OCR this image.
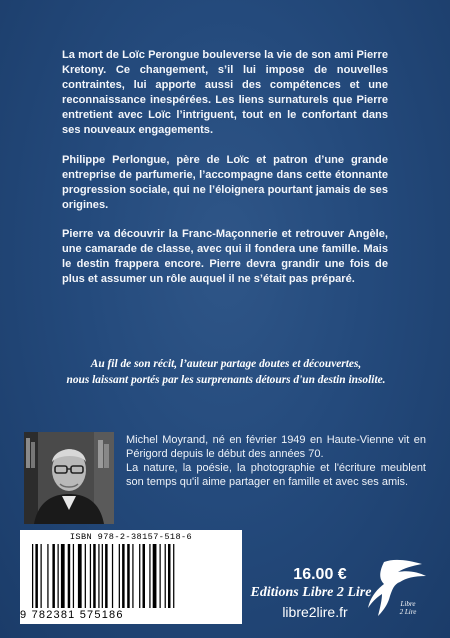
La mort de Loïc Perongue bouleverse la vie de son ami Pierre Kretony. Ce changement, s’il lui impose de nouvelles contraintes, lui apporte aussi des compétences et une reconnaissance inespérées. Les liens surnaturels que Pierre entretient avec Loïc l’intriguent, tout en le confortant dans ses nouveaux engagements.

Philippe Perlongue, père de Loïc et patron d’une grande entreprise de parfumerie, l’accompagne dans cette étonnante progression sociale, qui ne l’éloignera pourtant jamais de ses origines.

Pierre va découvrir la Franc-Maçonnerie et retrouver Angèle, une camarade de classe, avec qui il fondera une famille. Mais le destin frappera encore. Pierre devra grandir une fois de plus et assumer un rôle auquel il ne s’était pas préparé.

Au fil de son récit, l’auteur partage doutes et découvertes,
nous laissant portés par les surprenants détours d'un destin insolite.

Michel Moyrand, né en février 1949 en Haute-Vienne vit en Périgord depuis le début des années 70.

La nature, la poésie, la photographie et l'écriture meublent son temps qu'il aime partager en famille et avec ses amis.

ISBN 978-2-38157-518-6
9 782381 575186
16.00 €
Editions Libre 2 Lire
libre2lire.fr	Libre
2 Lire
